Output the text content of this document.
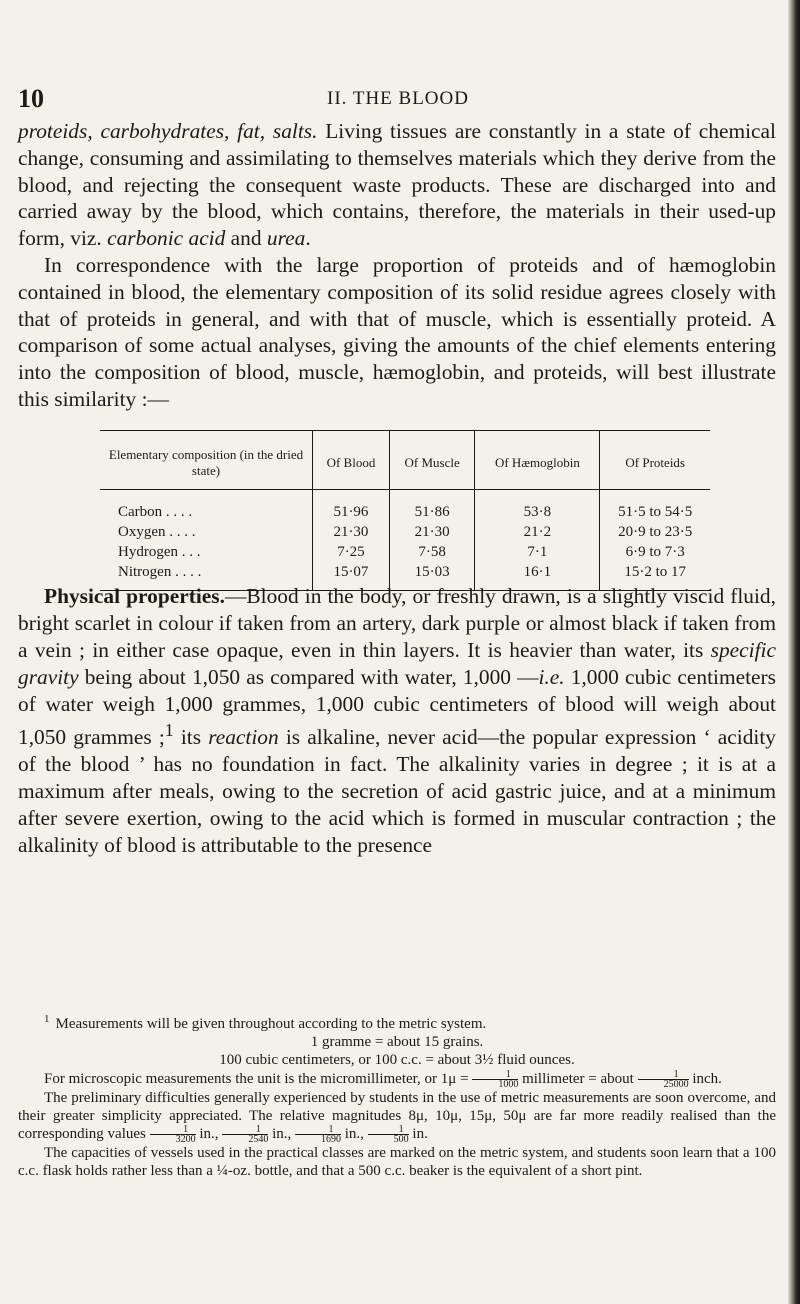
10	II. THE BLOOD

proteids, carbohydrates, fat, salts. Living tissues are constantly in a state of chemical change, consuming and assimilating to themselves materials which they derive from the blood, and rejecting the consequent waste products. These are discharged into and carried away by the blood, which contains, therefore, the materials in their used-up form, viz. carbonic acid and urea.

In correspondence with the large proportion of proteids and of hæmoglobin contained in blood, the elementary composition of its solid residue agrees closely with that of proteids in general, and with that of muscle, which is essentially proteid. A comparison of some actual analyses, giving the amounts of the chief elements entering into the composition of blood, muscle, hæmoglobin, and proteids, will best illustrate this similarity :—

Elementary composition (in the dried state)	Of Blood	Of Muscle	Of Hæmoglobin	Of Proteids
Carbon . . . .	51·96	51·86	53·8	51·5 to 54·5
Oxygen . . . .	21·30	21·30	21·2	20·9 to 23·5
Hydrogen . . .	7·25	7·58	7·1	6·9 to 7·3
Nitrogen . . . .	15·07	15·03	16·1	15·2 to 17

Physical properties.—Blood in the body, or freshly drawn, is a slightly viscid fluid, bright scarlet in colour if taken from an artery, dark purple or almost black if taken from a vein ; in either case opaque, even in thin layers. It is heavier than water, its specific gravity being about 1,050 as compared with water, 1,000 —i.e. 1,000 cubic centimeters of water weigh 1,000 grammes, 1,000 cubic centimeters of blood will weigh about 1,050 grammes ;$^1$ its reaction is alkaline, never acid—the popular expression ‘ acidity of the blood ’ has no foundation in fact. The alkalinity varies in degree ; it is at a maximum after meals, owing to the secretion of acid gastric juice, and at a minimum after severe exertion, owing to the acid which is formed in muscular contraction ; the alkalinity of blood is attributable to the presence

$^1$ Measurements will be given throughout according to the metric system.

1 gramme = about 15 grains.

100 cubic centimeters, or 100 c.c. = about 3½ fluid ounces.

For microscopic measurements the unit is the micromillimeter, or $1\mu = \frac{1}{1000}$ millimeter = about $\frac{1}{25000}$ inch.

The preliminary difficulties generally experienced by students in the use of metric measurements are soon overcome, and their greater simplicity appreciated. The relative magnitudes 8μ, 10μ, 15μ, 50μ are far more readily realised than the corresponding values $\frac{1}{3200}$ in., $\frac{1}{2540}$ in., $\frac{1}{1690}$ in., $\frac{1}{500}$ in.

The capacities of vessels used in the practical classes are marked on the metric system, and students soon learn that a 100 c.c. flask holds rather less than a ¼-oz. bottle, and that a 500 c.c. beaker is the equivalent of a short pint.
